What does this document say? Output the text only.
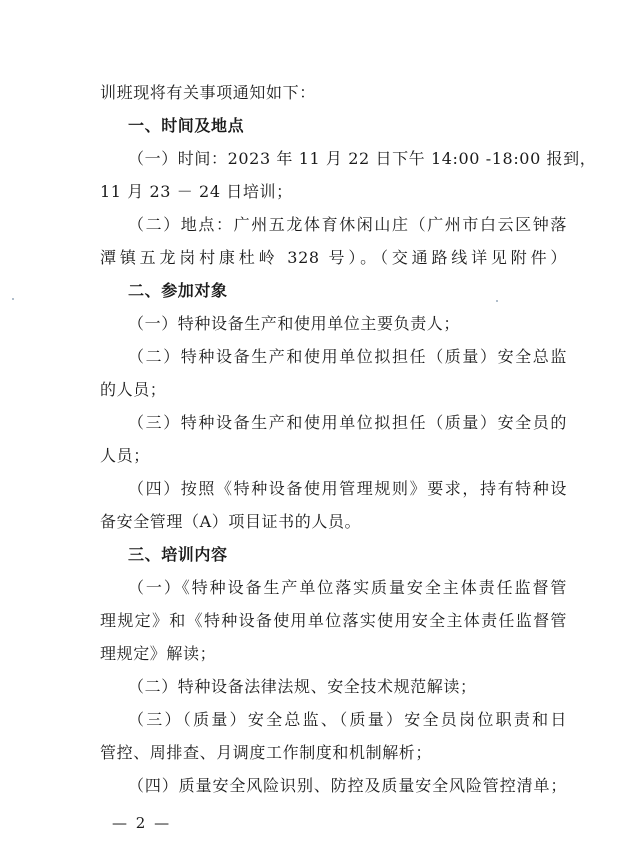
训班现将有关事项通知如下：
一、时间及地点
（一）时间：2023 年 11 月 22 日下午 14:00 -18:00 报到，
11 月 23 － 24 日培训；
（二）地点：广州五龙体育休闲山庄（广州市白云区钟落
潭镇五龙岗村康杜岭 328 号）。（交通路线详见附件）
二、参加对象
（一）特种设备生产和使用单位主要负责人；
（二）特种设备生产和使用单位拟担任（质量）安全总监
的人员；
（三）特种设备生产和使用单位拟担任（质量）安全员的
人员；
（四）按照《特种设备使用管理规则》要求，持有特种设
备安全管理（A）项目证书的人员。
三、培训内容
（一）《特种设备生产单位落实质量安全主体责任监督管
理规定》和《特种设备使用单位落实使用安全主体责任监督管
理规定》解读；
（二）特种设备法律法规、安全技术规范解读；
（三）（质量）安全总监、（质量）安全员岗位职责和日
管控、周排查、月调度工作制度和机制解析；
（四）质量安全风险识别、防控及质量安全风险管控清单；
— 2 —
